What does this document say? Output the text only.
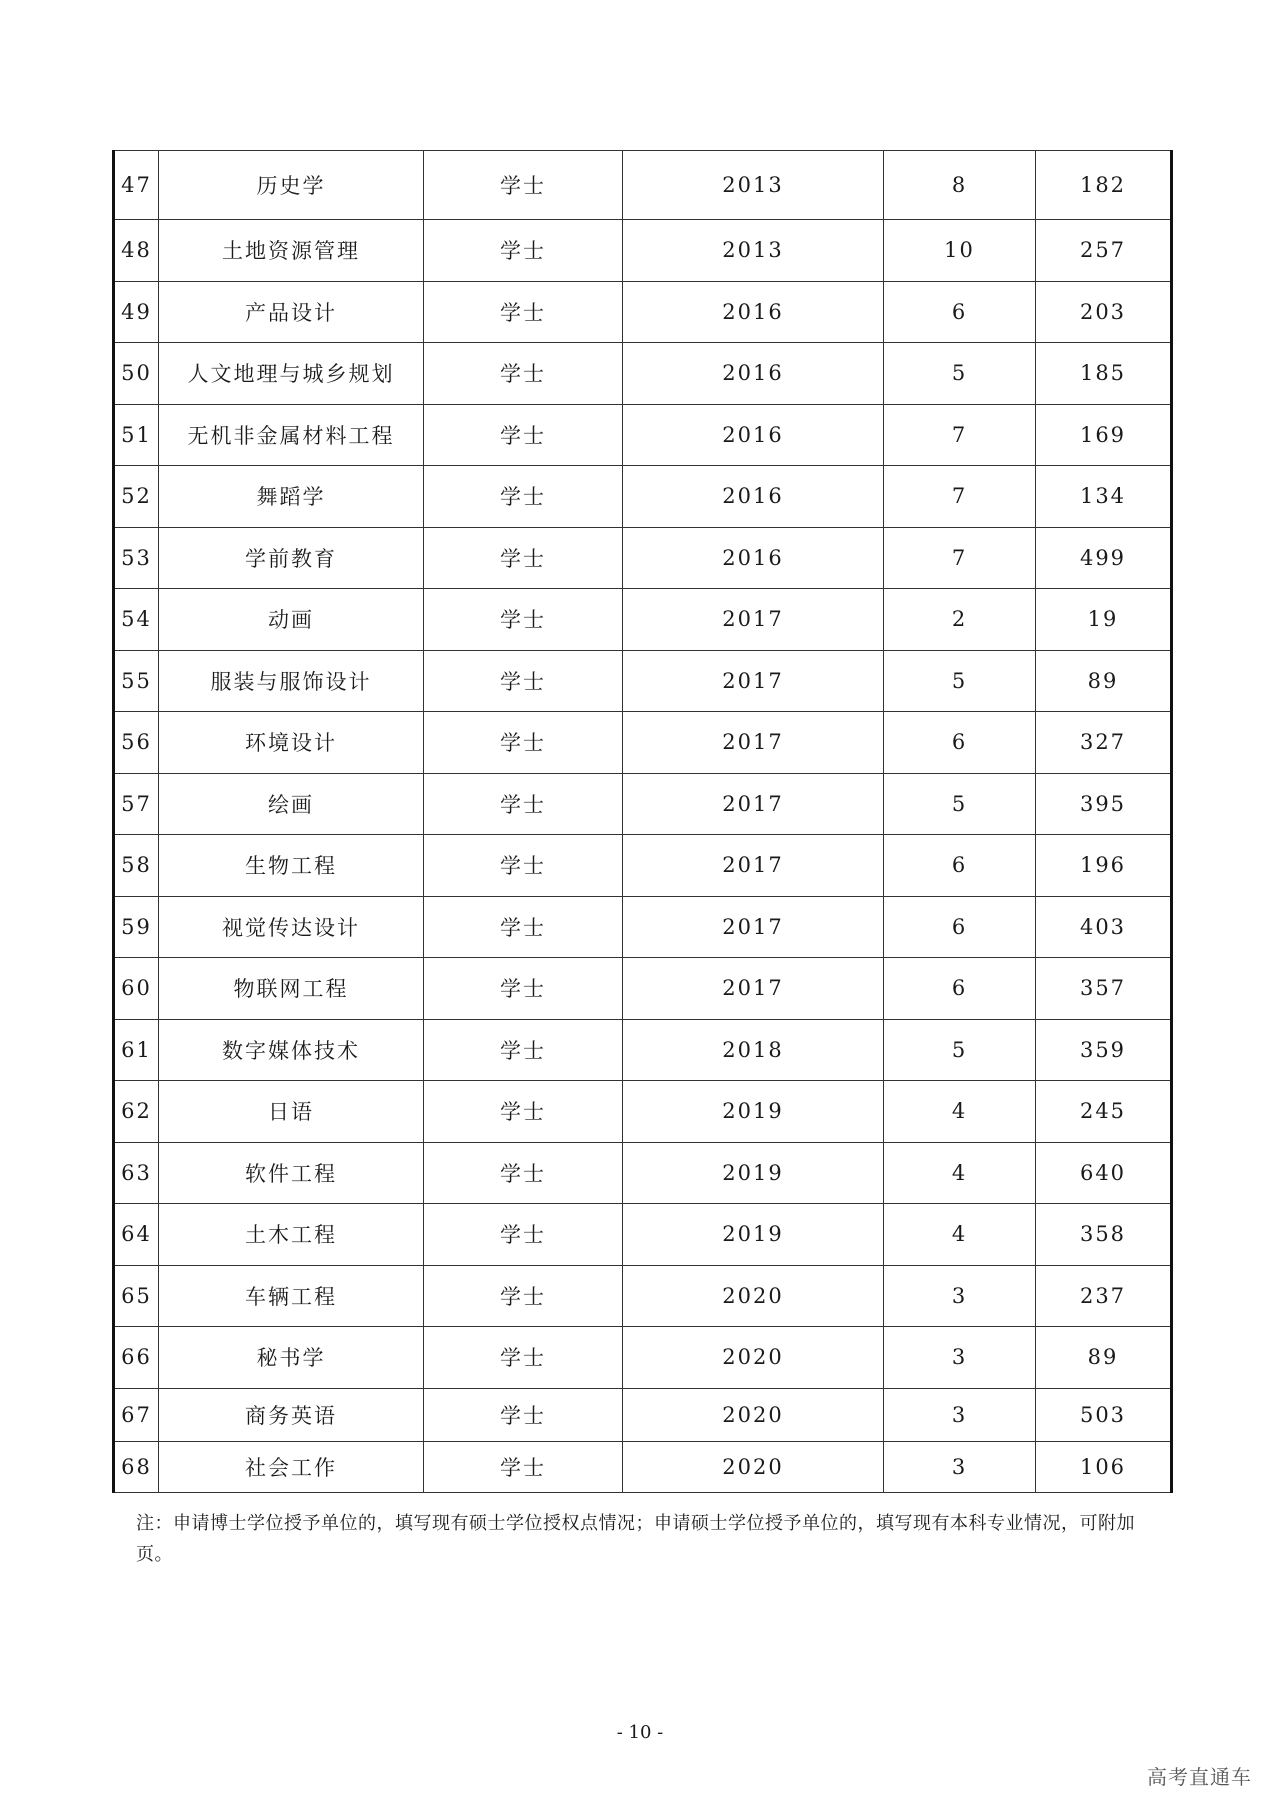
47	历史学	学士	2013	8	182
48	土地资源管理	学士	2013	10	257
49	产品设计	学士	2016	6	203
50	人文地理与城乡规划	学士	2016	5	185
51	无机非金属材料工程	学士	2016	7	169
52	舞蹈学	学士	2016	7	134
53	学前教育	学士	2016	7	499
54	动画	学士	2017	2	19
55	服装与服饰设计	学士	2017	5	89
56	环境设计	学士	2017	6	327
57	绘画	学士	2017	5	395
58	生物工程	学士	2017	6	196
59	视觉传达设计	学士	2017	6	403
60	物联网工程	学士	2017	6	357
61	数字媒体技术	学士	2018	5	359
62	日语	学士	2019	4	245
63	软件工程	学士	2019	4	640
64	土木工程	学士	2019	4	358
65	车辆工程	学士	2020	3	237
66	秘书学	学士	2020	3	89
67	商务英语	学士	2020	3	503
68	社会工作	学士	2020	3	106
注：申请博士学位授予单位的，填写现有硕士学位授权点情况；申请硕士学位授予单位的，填写现有本科专业情况，可附加页。
- 10 -
高考直通车
